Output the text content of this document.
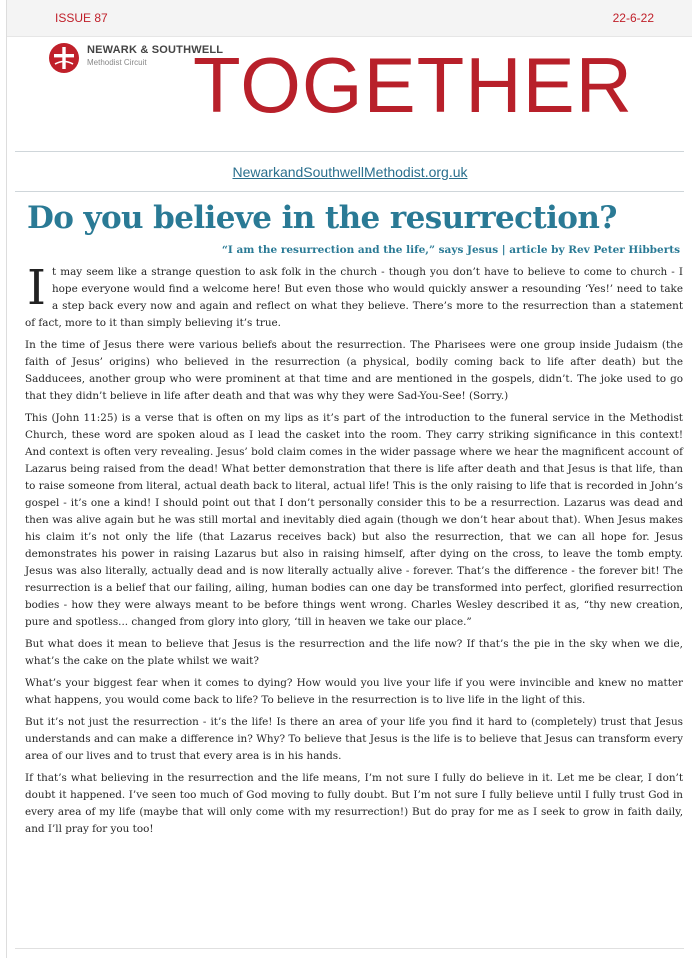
ISSUE 87	22-6-22
NEWARK & SOUTHWELL
Methodist Circuit TOGETHER
NewarkandSouthwellMethodist.org.uk
Do you believe in the resurrection?
“I am the resurrection and the life,” says Jesus | article by Rev Peter Hibberts

It may seem like a strange question to ask folk in the church - though you don’t have to believe to come to church - I hope everyone would find a welcome here! But even those who would quickly answer a resounding ‘Yes!’ need to take a step back every now and again and reflect on what they believe. There’s more to the resurrection than a statement of fact, more to it than simply believing it’s true.

In the time of Jesus there were various beliefs about the resurrection. The Pharisees were one group inside Judaism (the faith of Jesus’ origins) who believed in the resurrection (a physical, bodily coming back to life after death) but the Sadducees, another group who were prominent at that time and are mentioned in the gospels, didn’t. The joke used to go that they didn’t believe in life after death and that was why they were Sad-You-See! (Sorry.)

This (John 11:25) is a verse that is often on my lips as it’s part of the introduction to the funeral service in the Methodist Church, these word are spoken aloud as I lead the casket into the room. They carry striking significance in this context! And context is often very revealing. Jesus’ bold claim comes in the wider passage where we hear the magnificent account of Lazarus being raised from the dead! What better demonstration that there is life after death and that Jesus is that life, than to raise someone from literal, actual death back to literal, actual life! This is the only raising to life that is recorded in John’s gospel - it’s one a kind! I should point out that I don’t personally consider this to be a resurrection. Lazarus was dead and then was alive again but he was still mortal and inevitably died again (though we don’t hear about that). When Jesus makes his claim it’s not only the life (that Lazarus receives back) but also the resurrection, that we can all hope for. Jesus demonstrates his power in raising Lazarus but also in raising himself, after dying on the cross, to leave the tomb empty. Jesus was also literally, actually dead and is now literally actually alive - forever. That’s the difference - the forever bit! The resurrection is a belief that our failing, ailing, human bodies can one day be transformed into perfect, glorified resurrection bodies - how they were always meant to be before things went wrong. Charles Wesley described it as, “thy new creation, pure and spotless... changed from glory into glory, ‘till in heaven we take our place.”

But what does it mean to believe that Jesus is the resurrection and the life now? If that’s the pie in the sky when we die, what’s the cake on the plate whilst we wait?

What’s your biggest fear when it comes to dying? How would you live your life if you were invincible and knew no matter what happens, you would come back to life? To believe in the resurrection is to live life in the light of this.

But it’s not just the resurrection - it’s the life! Is there an area of your life you find it hard to (completely) trust that Jesus understands and can make a difference in? Why? To believe that Jesus is the life is to believe that Jesus can transform every area of our lives and to trust that every area is in his hands.

If that’s what believing in the resurrection and the life means, I’m not sure I fully do believe in it. Let me be clear, I don’t doubt it happened. I’ve seen too much of God moving to fully doubt. But I’m not sure I fully believe until I fully trust God in every area of my life (maybe that will only come with my resurrection!) But do pray for me as I seek to grow in faith daily, and I’ll pray for you too!
